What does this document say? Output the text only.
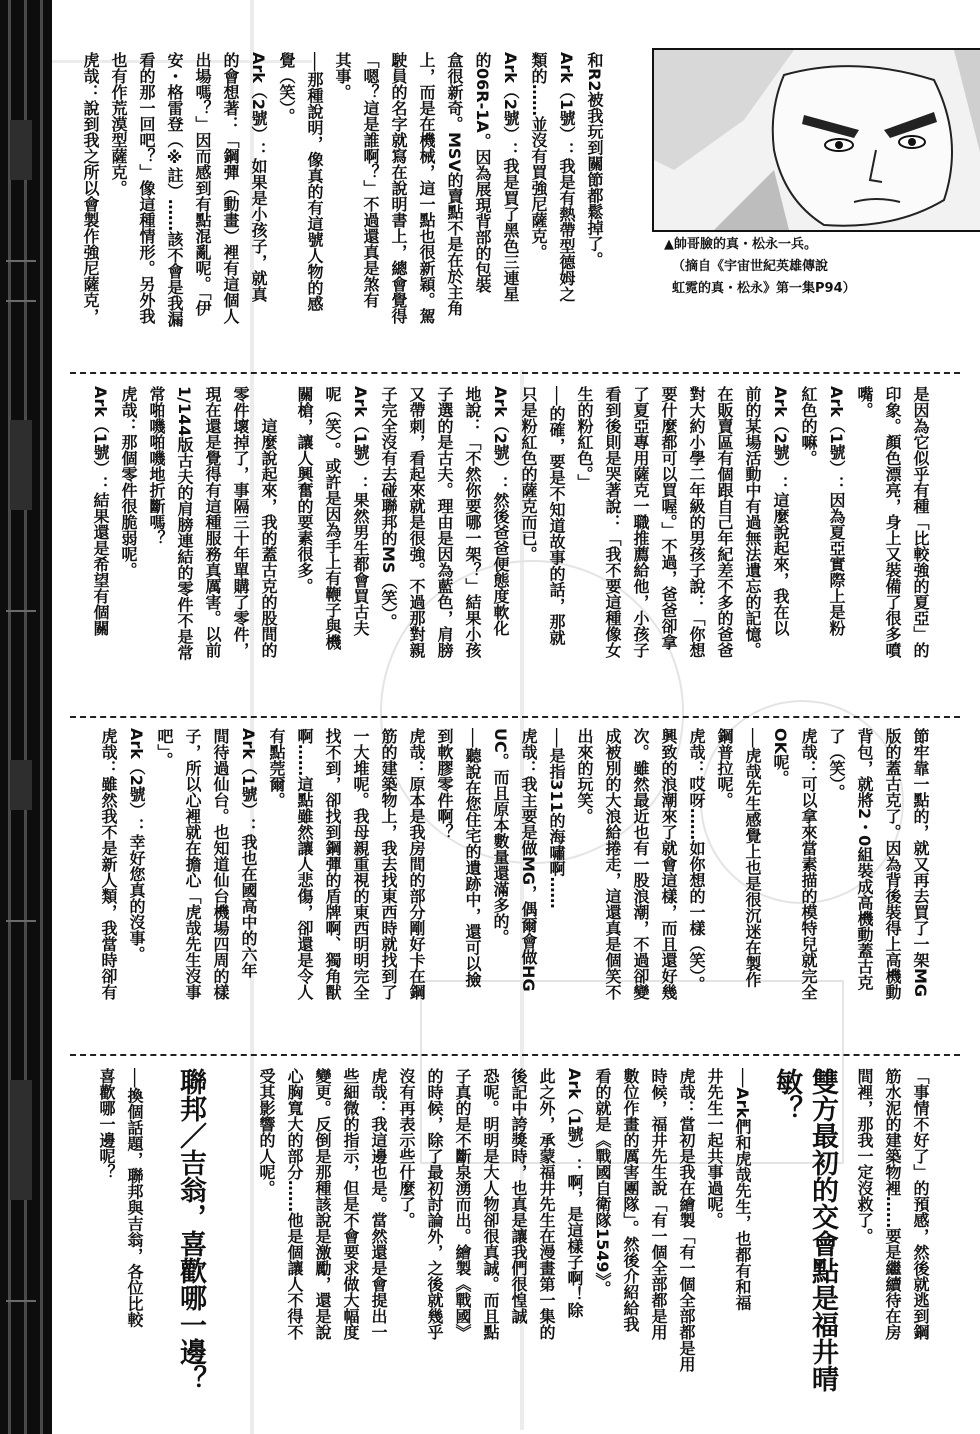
▲帥哥臉的真・松永一兵。
（摘自《宇宙世紀英雄傳說
虹霓的真・松永》第一集P94）
和R2被我玩到關節都鬆掉了。
Ark（1號）：我是有熱帶型德姆之
類的……並沒有買強尼薩克。
Ark（2號）：我是買了黑色三連星
的06R-1A。因為展現背部的包裝
盒很新奇。MSV的賣點不是在於主角
上，而是在機械，這一點也很新穎。駕
駛員的名字就寫在說明書上，總會覺得
「嗯？這是誰啊？」不過還真是煞有
其事。
──那種說明，像真的有這號人物的感
覺（笑）。
Ark（2號）：如果是小孩子，就真
的會想著：「鋼彈（動畫）裡有這個人
出場嗎？」因而感到有點混亂呢。「伊
安・格雷登（※註）……該不會是我漏
看的那一回吧？」像這種情形。另外我
也有作荒漠型薩克。
虎哉：說到我之所以會製作強尼薩克，
是因為它似乎有種「比較強的夏亞」的
印象。顏色漂亮，身上又裝備了很多噴
嘴。
Ark（1號）：因為夏亞實際上是粉
紅色的嘛。
Ark（2號）：這麼說起來，我在以
前的某場活動中有過無法遺忘的記憶。
在販賣區有個跟自己年紀差不多的爸爸
對大約小學二年級的男孩子說：「你想
要什麼都可以買喔。」不過，爸爸卻拿
了夏亞專用薩克一職推薦給他，小孩子
看到後則是哭著說：「我不要這種像女
生的粉紅色。」
──的確，要是不知道故事的話，那就
只是粉紅色的薩克而已。
Ark（2號）：然後爸爸便態度軟化
地說：「不然你要哪一架？」結果小孩
子選的是古夫。理由是因為藍色，肩膀
又帶刺，看起來就是很強。不過那對親
子完全沒有去碰聯邦的MS（笑）。
Ark（1號）：果然男生都會買古夫
呢（笑）。或許是因為手上有鞭子與機
關槍，讓人興奮的要素很多。
　　這麼說起來，我的蓋古克的股間的
零件壞掉了，事隔三十年單購了零件，
現在還是覺得有這種服務真厲害。以前
1/144版古夫的肩膀連結的零件不是常
常啪嘰啪嘰地折斷嗎？
虎哉：那個零件很脆弱呢。
Ark（1號）：結果還是希望有個關
節牢靠一點的，就又再去買了一架MG
版的蓋古克了。因為背後裝得上高機動
背包，就將2・0組裝成高機動蓋古克
了（笑）。
虎哉：可以拿來當素描的模特兒就完全
OK呢。
──虎哉先生感覺上也是很沉迷在製作
鋼普拉呢。
虎哉：哎呀……如你想的一樣（笑）。
興致的浪潮來了就會這樣，而且還好幾
次。雖然最近也有一股浪潮，不過卻變
成被別的大浪給捲走，這還真是個笑不
出來的玩笑。
──是指311的海嘯啊……
虎哉：我主要是做MG，偶爾會做HG
UC。而且原本數量還滿多的。
──聽說在您住宅的遺跡中，還可以撿
到軟膠零件啊？
虎哉：原本是我房間的部分剛好卡在鋼
筋的建築物上，我去找東西時就找到了
一大堆呢。我母親重視的東西明明完全
找不到，卻找到鋼彈的盾牌啊、獨角獸
啊……這點雖然讓人悲傷，卻還是令人
有點莞爾。
Ark（1號）：我也在國高中的六年
間待過仙台。也知道仙台機場四周的樣
子，所以心裡就在擔心「虎哉先生沒事
吧」。
Ark（2號）：幸好您真的沒事。
虎哉：雖然我不是新人類，我當時卻有
「事情不好了」的預感，然後就逃到鋼
筋水泥的建築物裡……要是繼續待在房
間裡，那我一定沒救了。
雙方最初的交會點是福井晴
敏？
──Ark們和虎哉先生，也都有和福
井先生一起共事過呢。
虎哉：當初是我在繪製「有一個全部都是用
時候，福井先生說「有一個全部都是用
數位作畫的厲害團隊」。然後介紹給我
看的就是《戰國自衛隊1549》。
Ark（1號）：啊，是這樣子啊！除
此之外，承蒙福井先生在漫畫第一集的
後記中誇獎時，也真是讓我們很惶誠
恐呢。明明是大人物卻很真誠。而且點
子真的是不斷泉湧而出。繪製《戰國》
的時候，除了最初討論外，之後就幾乎
沒有再表示些什麼了。
虎哉：我這邊也是。當然還是會提出一
些細微的指示，但是不會要求做大幅度
變更。反倒是那種該說是激勵，還是說
心胸寬大的部分……他是個讓人不得不
受其影響的人呢。
聯邦／吉翁，喜歡哪一邊？
──換個話題，聯邦與吉翁，各位比較
喜歡哪一邊呢？
